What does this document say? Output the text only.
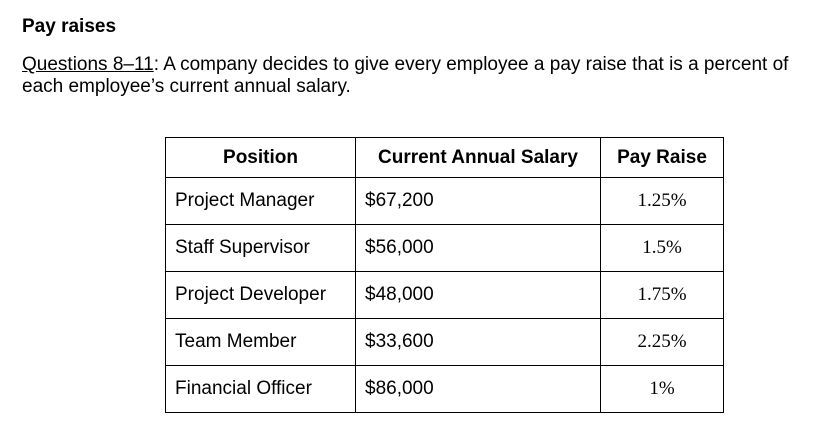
Pay raises

Questions 8–11: A company decides to give every employee a pay raise that is a percent of each employee’s current annual salary.

Position	Current Annual Salary	Pay Raise
Project Manager	$67,200	1.25%
Staff Supervisor	$56,000	1.5%
Project Developer	$48,000	1.75%
Team Member	$33,600	2.25%
Financial Officer	$86,000	1%
